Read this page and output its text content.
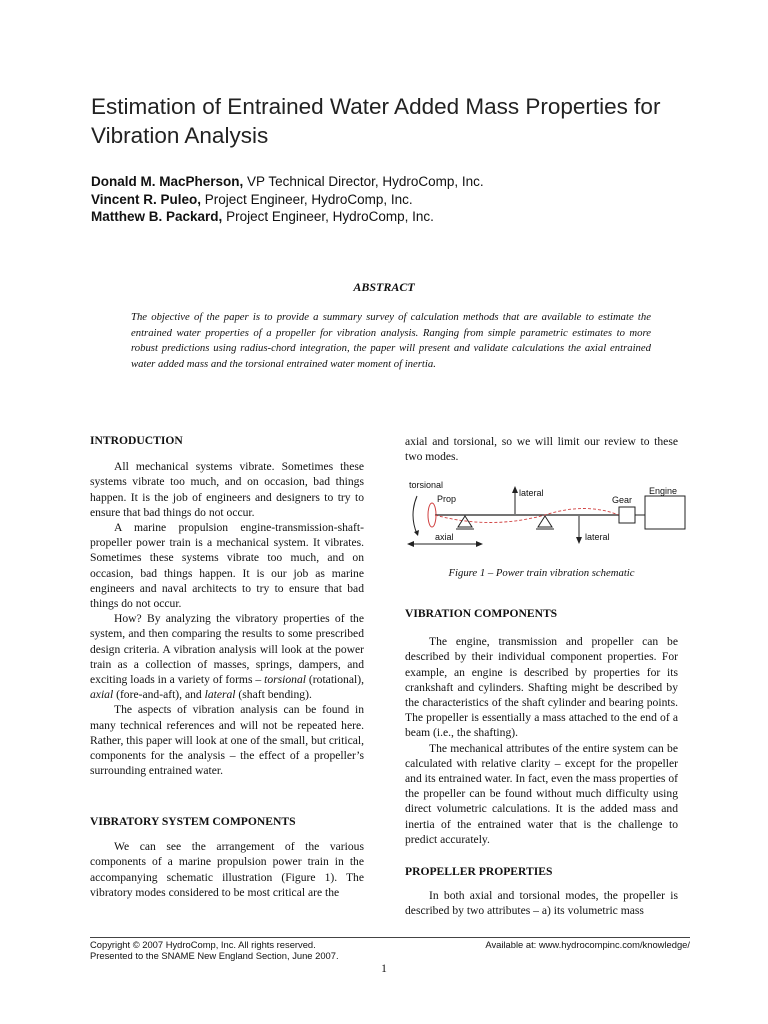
Estimation of Entrained Water Added Mass Properties for Vibration Analysis
Donald M. MacPherson, VP Technical Director, HydroComp, Inc.
Vincent R. Puleo, Project Engineer, HydroComp, Inc.
Matthew B. Packard, Project Engineer, HydroComp, Inc.
ABSTRACT
The objective of the paper is to provide a summary survey of calculation methods that are available to estimate the entrained water properties of a propeller for vibration analysis. Ranging from simple parametric estimates to more robust predictions using radius-chord integration, the paper will present and validate calculations the axial entrained water added mass and the torsional entrained water moment of inertia.
INTRODUCTION

All mechanical systems vibrate. Sometimes these systems vibrate too much, and on occasion, bad things happen. It is the job of engineers and designers to try to ensure that bad things do not occur.

A marine propulsion engine-transmission-shaft-propeller power train is a mechanical system. It vibrates. Sometimes these systems vibrate too much, and on occasion, bad things happen. It is our job as marine engineers and naval architects to try to ensure that bad things do not occur.

How? By analyzing the vibratory properties of the system, and then comparing the results to some prescribed design criteria. A vibration analysis will look at the power train as a collection of masses, springs, dampers, and exciting loads in a variety of forms – torsional (rotational), axial (fore-and-aft), and lateral (shaft bending).

The aspects of vibration analysis can be found in many technical references and will not be repeated here. Rather, this paper will look at one of the small, but critical, components for the analysis – the effect of a propeller’s surrounding entrained water.

VIBRATORY SYSTEM COMPONENTS

We can see the arrangement of the various components of a marine propulsion power train in the accompanying schematic illustration (Figure 1). The vibratory modes considered to be most critical are the

axial and torsional, so we will limit our review to these two modes.

torsional
Prop
lateral
Gear
Engine
axial	lateral
Figure 1 – Power train vibration schematic
VIBRATION COMPONENTS

The engine, transmission and propeller can be described by their individual component properties. For example, an engine is described by properties for its crankshaft and cylinders. Shafting might be described by the characteristics of the shaft cylinder and bearing points. The propeller is essentially a mass attached to the end of a beam (i.e., the shafting).

The mechanical attributes of the entire system can be calculated with relative clarity – except for the propeller and its entrained water. In fact, even the mass properties of the propeller can be found without much difficulty using direct volumetric calculations. It is the added mass and inertia of the entrained water that is the challenge to predict accurately.

PROPELLER PROPERTIES

In both axial and torsional modes, the propeller is described by two attributes – a) its volumetric mass

Copyright © 2007 HydroComp, Inc. All rights reserved.
Presented to the SNAME New England Section, June 2007.
Available at: www.hydrocompinc.com/knowledge/
1
